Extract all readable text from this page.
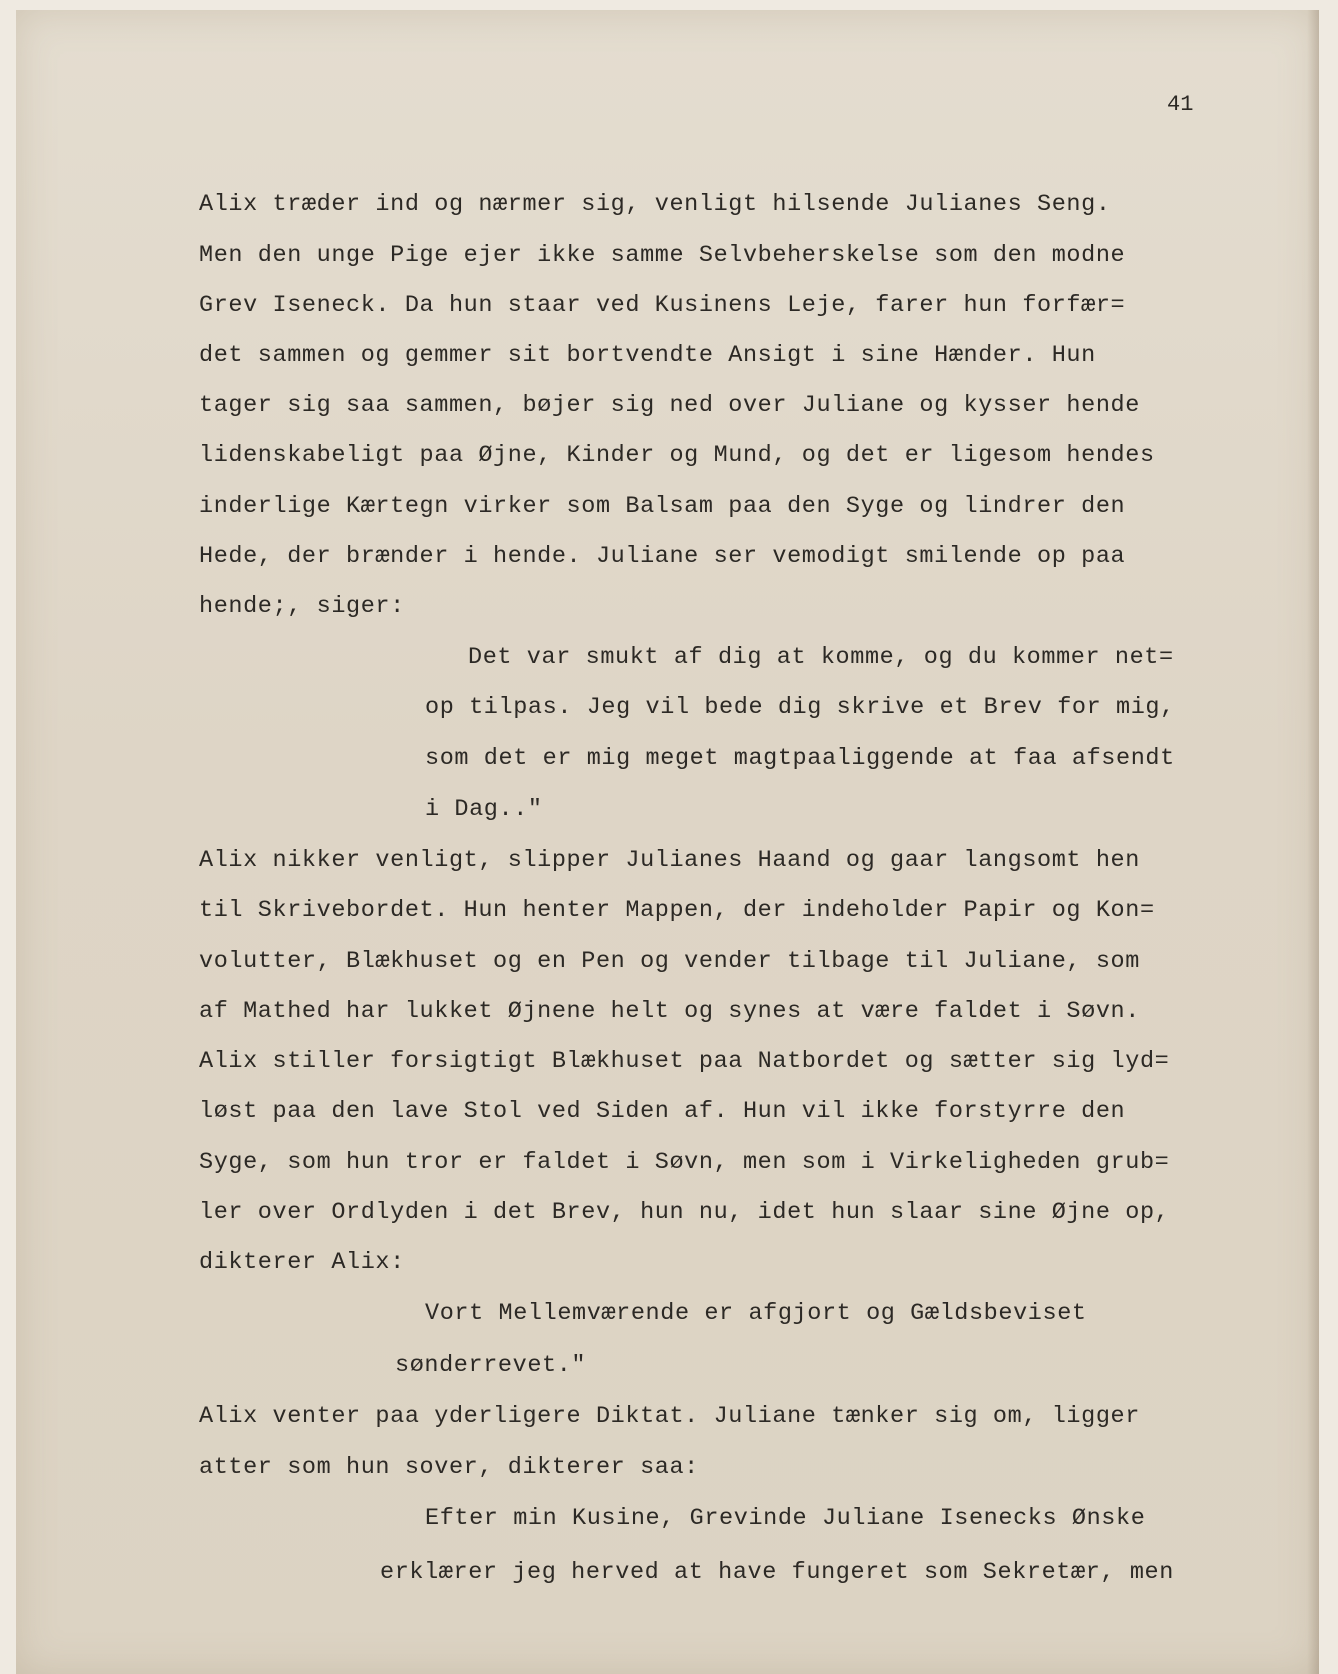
41
Alix træder ind og nærmer sig, venligt hilsende Julianes Seng.
Men den unge Pige ejer ikke samme Selvbeherskelse som den modne
Grev Iseneck. Da hun staar ved Kusinens Leje, farer hun forfær=
det sammen og gemmer sit bortvendte Ansigt i sine Hænder. Hun
tager sig saa sammen, bøjer sig ned over Juliane og kysser hende
lidenskabeligt paa Øjne, Kinder og Mund, og det er ligesom hendes
inderlige Kærtegn virker som Balsam paa den Syge og lindrer den
Hede, der brænder i hende. Juliane ser vemodigt smilende op paa
hende;, siger:
Det var smukt af dig at komme, og du kommer net=
op tilpas. Jeg vil bede dig skrive et Brev for mig,
som det er mig meget magtpaaliggende at faa afsendt
i Dag.."
Alix nikker venligt, slipper Julianes Haand og gaar langsomt hen
til Skrivebordet. Hun henter Mappen, der indeholder Papir og Kon=
volutter, Blækhuset og en Pen og vender tilbage til Juliane, som
af Mathed har lukket Øjnene helt og synes at være faldet i Søvn.
Alix stiller forsigtigt Blækhuset paa Natbordet og sætter sig lyd=
løst paa den lave Stol ved Siden af. Hun vil ikke forstyrre den
Syge, som hun tror er faldet i Søvn, men som i Virkeligheden grub=
ler over Ordlyden i det Brev, hun nu, idet hun slaar sine Øjne op,
dikterer Alix:
Vort Mellemværende er afgjort og Gældsbeviset
sønderrevet."
Alix venter paa yderligere Diktat. Juliane tænker sig om, ligger
atter som hun sover, dikterer saa:
Efter min Kusine, Grevinde Juliane Isenecks Ønske
erklærer jeg herved at have fungeret som Sekretær, men
